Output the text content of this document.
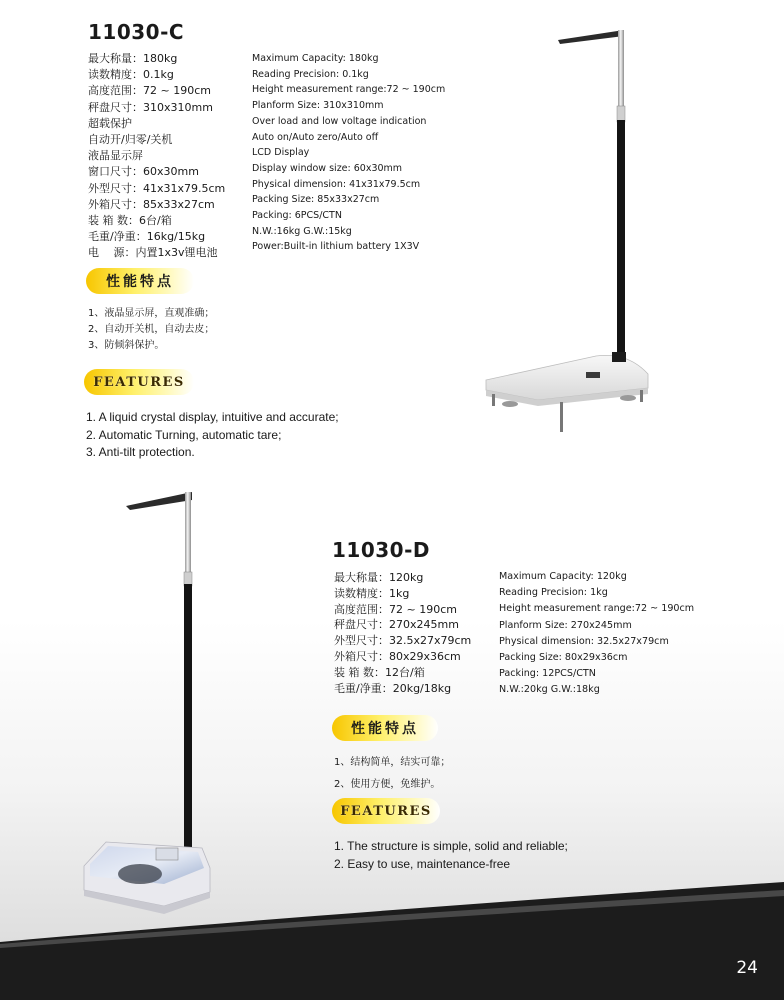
11030-C
最大称量：180kg
读数精度：0.1kg
高度范围：72 ~ 190cm
秤盘尺寸：310x310mm
超载保护
自动开/归零/关机
液晶显示屏
窗口尺寸：60x30mm
外型尺寸：41x31x79.5cm
外箱尺寸：85x33x27cm
装 箱 数：6台/箱
毛重/净重：16kg/15kg
电　 源：内置1x3v锂电池
Maximum Capacity: 180kg
Reading Precision: 0.1kg
Height measurement range:72 ~ 190cm
Planform Size: 310x310mm
Over load and low voltage indication
Auto on/Auto zero/Auto off
LCD Display
Display window size: 60x30mm
Physical dimension: 41x31x79.5cm
Packing Size: 85x33x27cm
Packing: 6PCS/CTN
N.W.:16kg G.W.:15kg
Power:Built-in lithium battery 1X3V
性能特点
1、液晶显示屏，直观准确；
2、自动开关机，自动去皮；
3、防倾斜保护。
FEATURES
1. A liquid crystal display, intuitive and accurate;
2. Automatic Turning, automatic tare;
3. Anti-tilt protection.
11030-D
最大称量：120kg
读数精度：1kg
高度范围：72 ~ 190cm
秤盘尺寸：270x245mm
外型尺寸：32.5x27x79cm
外箱尺寸：80x29x36cm
装 箱 数：12台/箱
毛重/净重：20kg/18kg
Maximum Capacity: 120kg
Reading Precision: 1kg
Height measurement range:72 ~ 190cm
Planform Size: 270x245mm
Physical dimension: 32.5x27x79cm
Packing Size: 80x29x36cm
Packing: 12PCS/CTN
N.W.:20kg G.W.:18kg
性能特点
1、结构简单，结实可靠；
2、使用方便，免维护。
FEATURES
1. The structure is simple, solid and reliable;
2. Easy to use, maintenance-free
24
